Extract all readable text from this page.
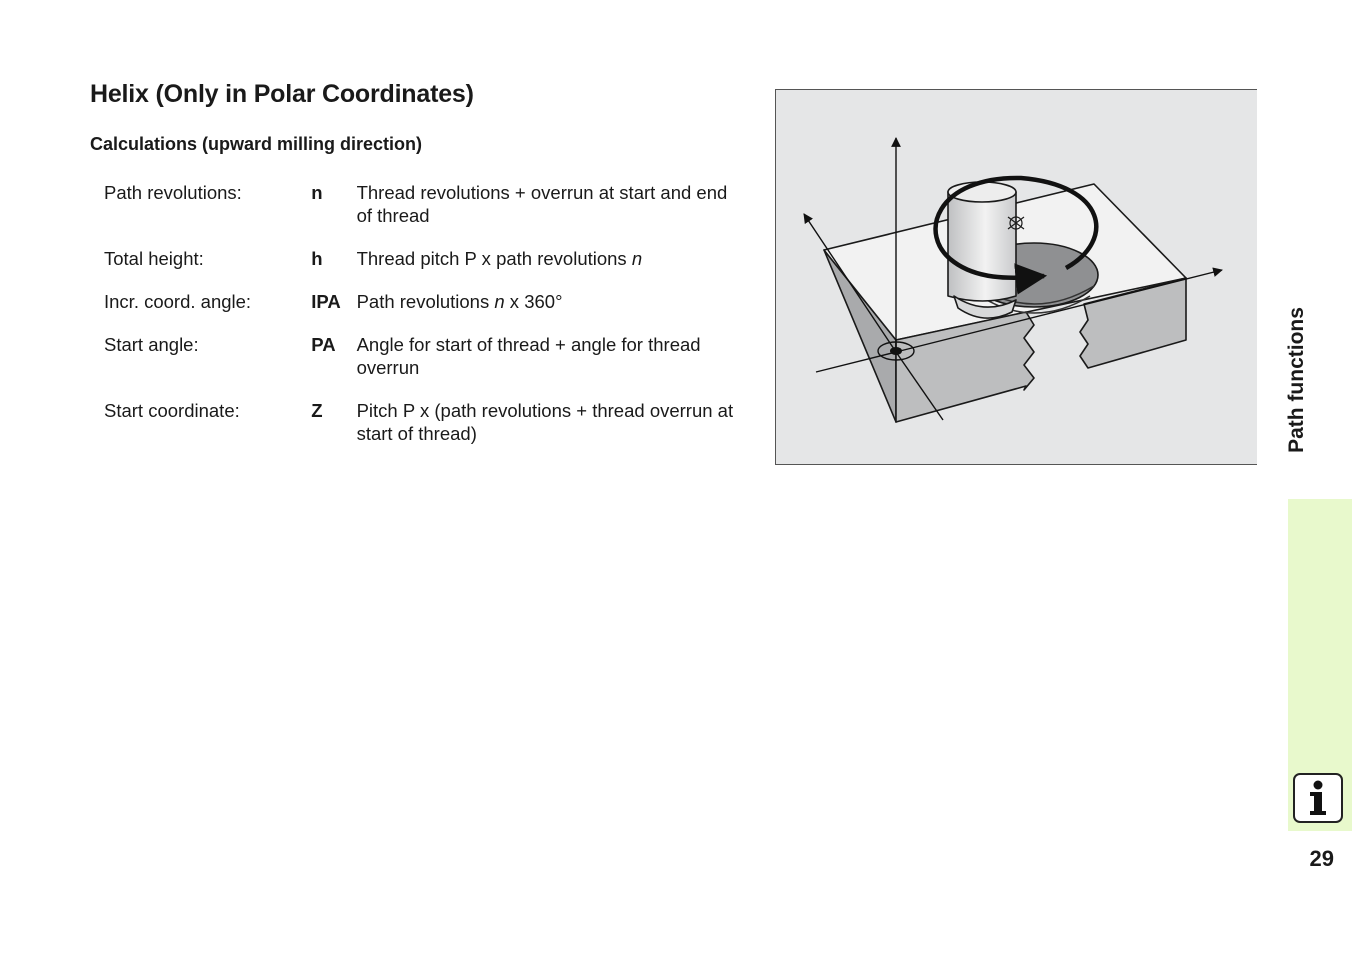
Helix (Only in Polar Coordinates)
Calculations (upward milling direction)
Path revolutions:	n	Thread revolutions + overrun at start and end of thread
Total height:	h	Thread pitch P x path revolutions n
Incr. coord. angle:	IPA	Path revolutions n x 360°
Start angle:	PA	Angle for start of thread + angle for thread overrun
Start coordinate:	Z	Pitch P x (path revolutions + thread overrun at start of thread)	Path functions
29
